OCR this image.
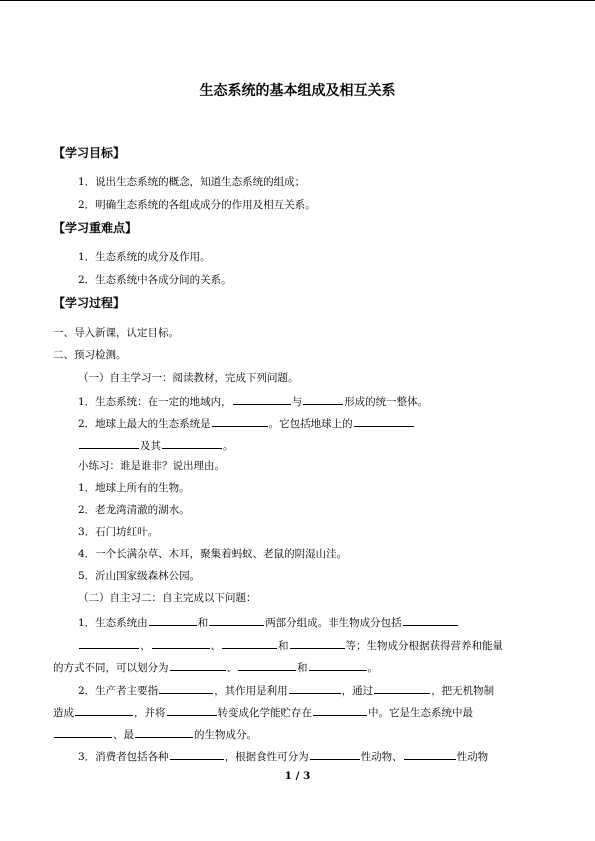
生态系统的基本组成及相互关系
【学习目标】
1．说出生态系统的概念，知道生态系统的组成；
2．明确生态系统的各组成成分的作用及相互关系。
【学习重难点】
1．生态系统的成分及作用。
2．生态系统中各成分间的关系。
【学习过程】
一、导入新课，认定目标。
二、预习检测。
（一）自主学习一：阅读教材，完成下列问题。
1．生态系统：在一定的地域内，	与	形成的统一整体。
2．地球上最大的生态系统是	。它包括地球上的
及其	。
小练习：谁是谁非？说出理由。
1．地球上所有的生物。
2．老龙湾清澈的湖水。
3．石门坊红叶。
4．一个长满杂草、木耳，聚集着蚂蚁、老鼠的阴湿山洼。
5．沂山国家级森林公园。
（二）自主习二：自主完成以下问题：
1．生态系统由	和	两部分组成。非生物成分包括
、	、	和	等；生物成分根据获得营养和能量
的方式不同，可以划分为	、	和	。
2．生产者主要指	，其作用是利用	，通过	，把无机物制
造成	，并将	转变成化学能贮存在	中。它是生态系统中最
、最	的生物成分。
3．消费者包括各种	，根据食性可分为	性动物、	性动物
1 / 3
